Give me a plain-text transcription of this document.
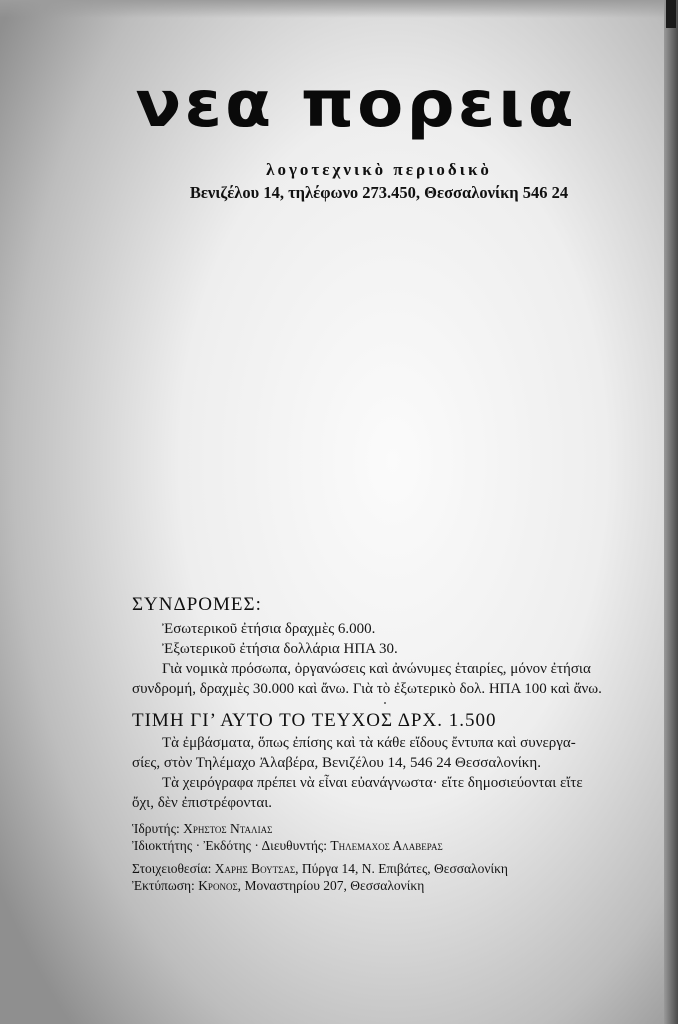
νεα πορεια
λογοτεχνικὸ περιοδικὸ
Βενιζέλου 14, τηλέφωνο 273.450, Θεσσαλονίκη 546 24
ΣΥΝΔΡΟΜΕΣ:

Ἐσωτερικοῦ ἐτήσια δραχμὲς 6.000.

Ἐξωτερικοῦ ἐτήσια δολλάρια ΗΠΑ 30.

Γιὰ νομικὰ πρόσωπα, ὀργανώσεις καὶ ἀνώνυμες ἑταιρίες, μόνον ἐτήσια

συνδρομή, δραχμὲς 30.000 καὶ ἄνω. Γιὰ τὸ ἐξωτερικὸ δολ. ΗΠΑ 100 καὶ ἄνω.

ΤΙΜΗ ΓΙ’ ΑΥΤΟ ΤΟ ΤΕΥΧΟΣ ΔΡΧ. 1.500

Τὰ ἐμβάσματα, ὅπως ἐπίσης καὶ τὰ κάθε εἴδους ἔντυπα καὶ συνεργα-

σίες, στὸν Τηλέμαχο Ἀλαβέρα, Βενιζέλου 14, 546 24 Θεσσαλονίκη.

Τὰ χειρόγραφα πρέπει νὰ εἶναι εὐανάγνωστα· εἴτε δημοσιεύονται εἴτε

ὄχι, δὲν ἐπιστρέφονται.

Ἱδρυτής: Χρηστος Νταλιας
Ἰδιοκτήτης · Ἐκδότης · Διευθυντής: Τηλεμαχος Αλαβερας
Στοιχειοθεσία: Χαρης Βουτσας, Πύργα 14, Ν. Επιβάτες, Θεσσαλονίκη
Ἐκτύπωση: Κρονος, Μοναστηρίου 207, Θεσσαλονίκη
